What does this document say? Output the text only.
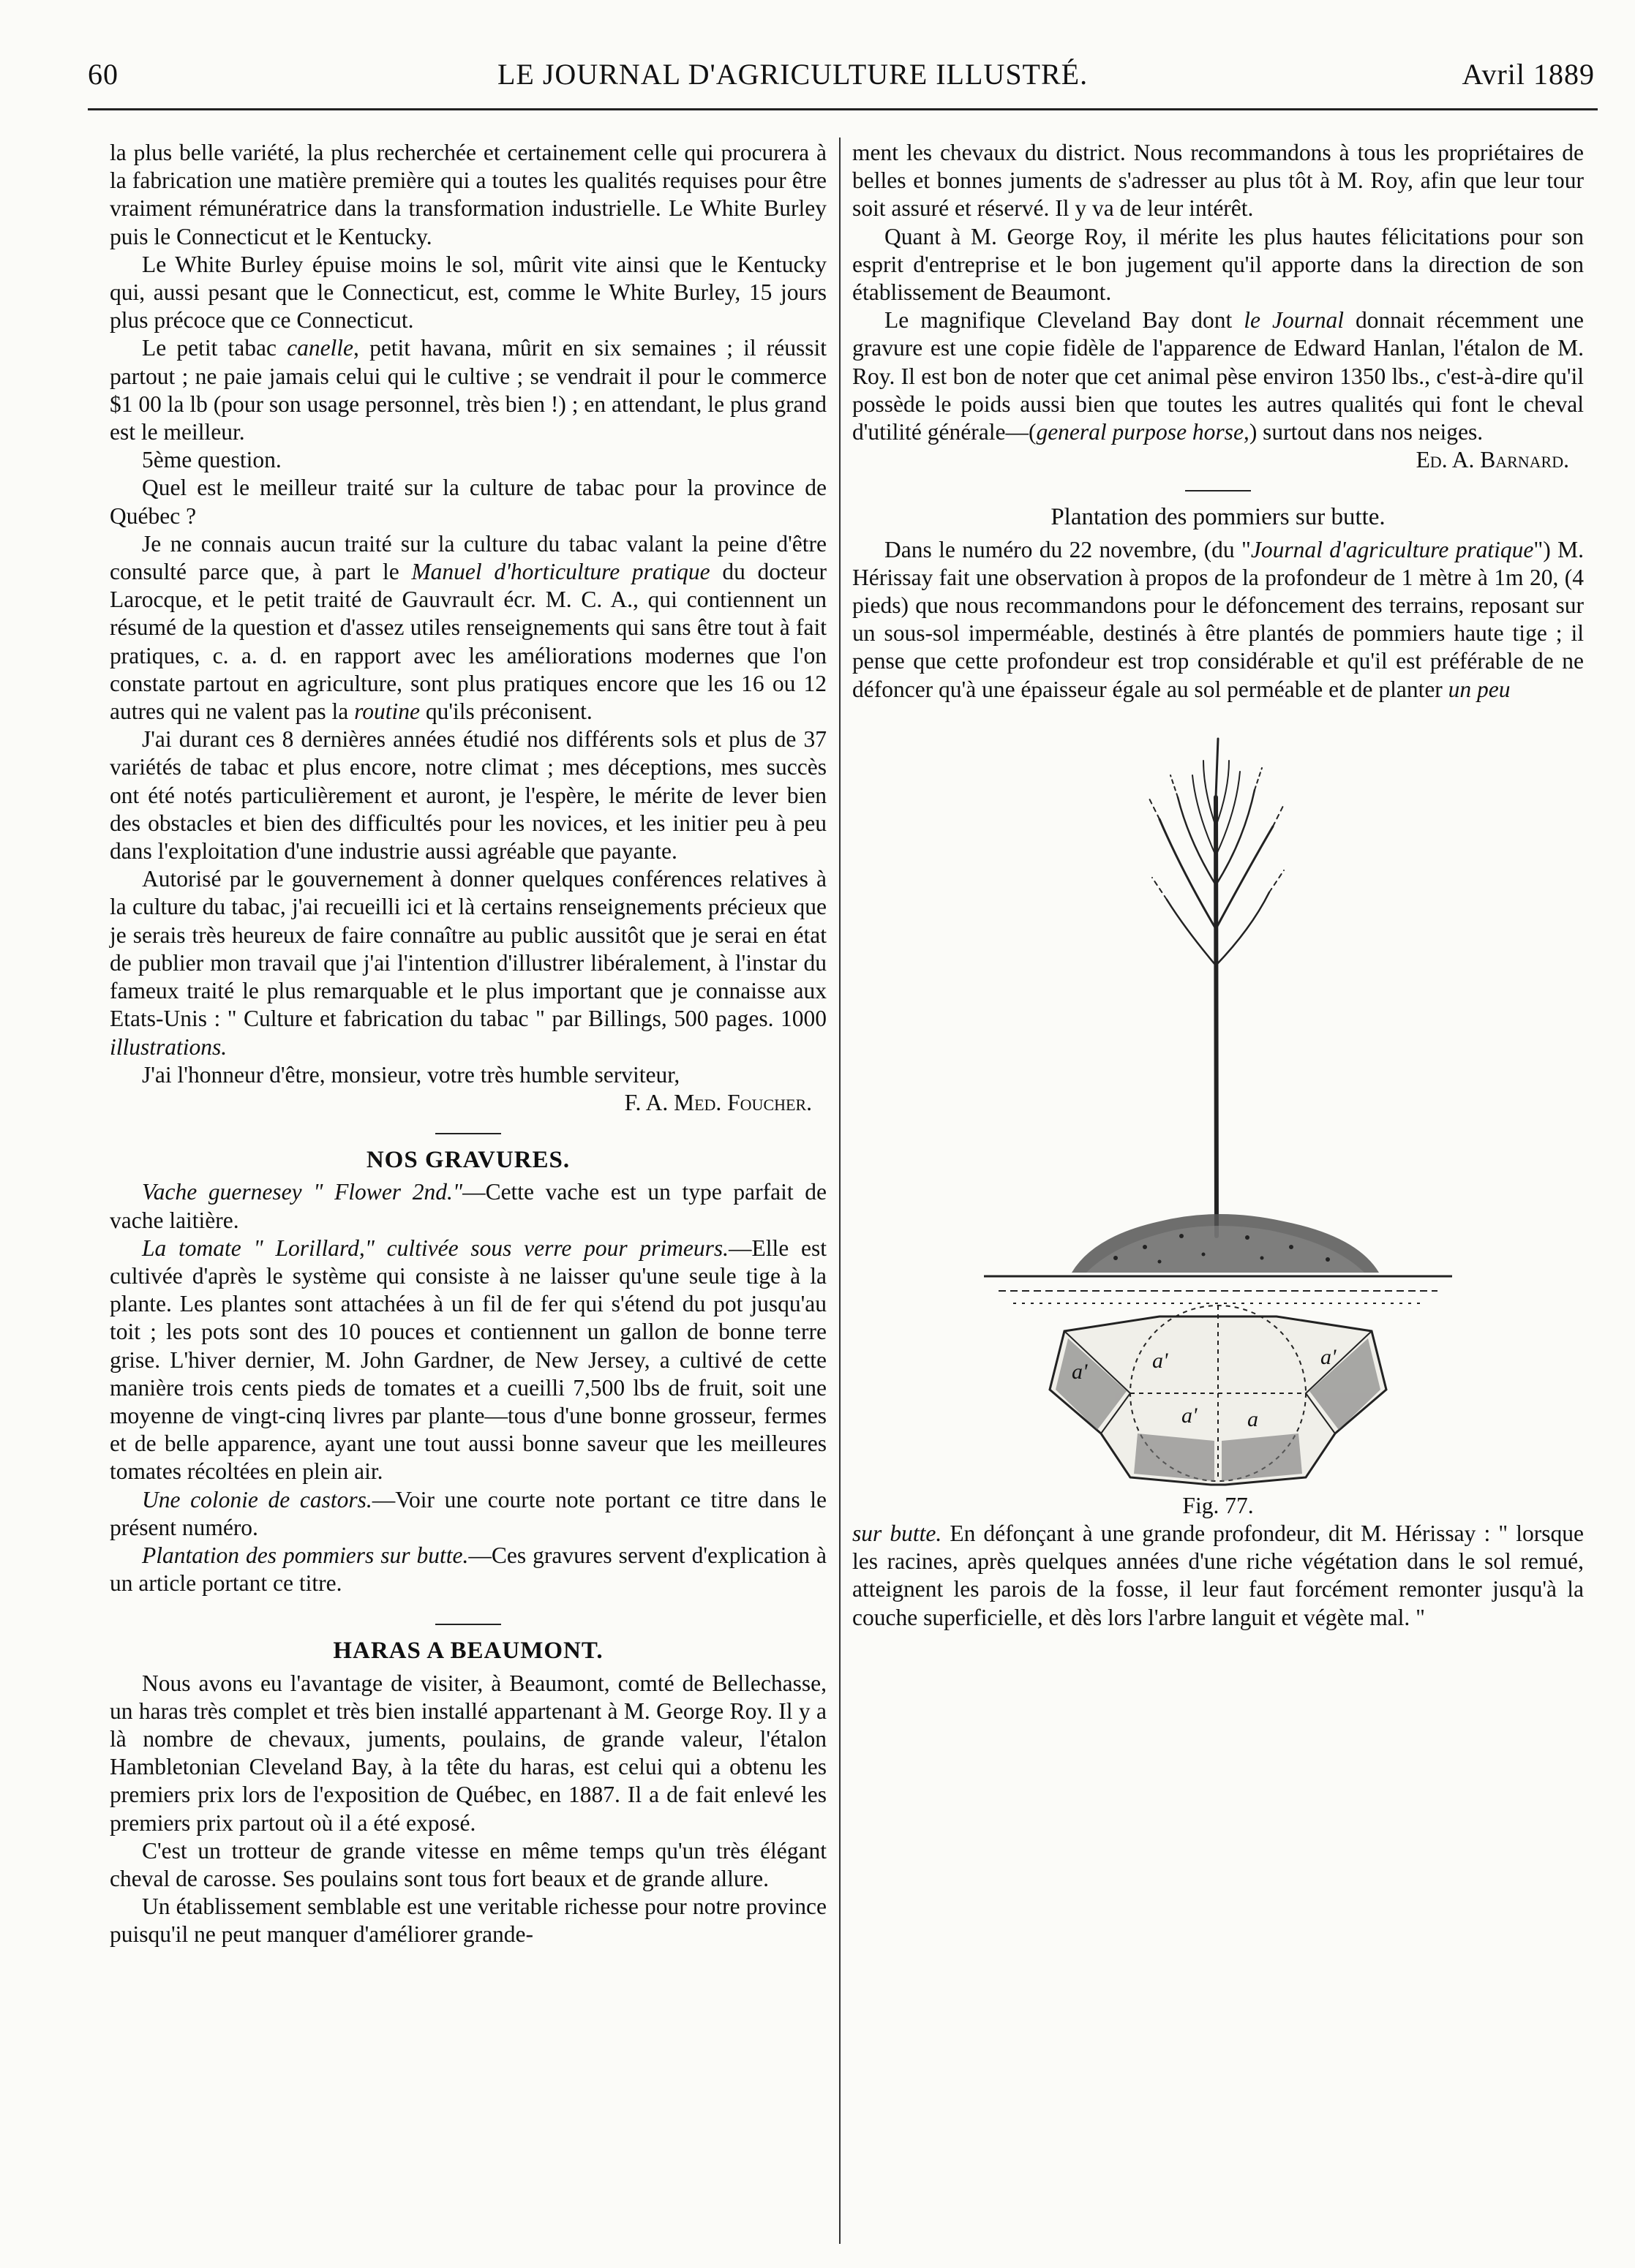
60	LE JOURNAL D'AGRICULTURE ILLUSTRÉ.	Avril 1889

la plus belle variété, la plus recherchée et certainement celle qui procurera à la fabrication une matière première qui a toutes les qualités requises pour être vraiment rémunératrice dans la transformation industrielle. Le White Burley puis le Connecticut et le Kentucky.

Le White Burley épuise moins le sol, mûrit vite ainsi que le Kentucky qui, aussi pesant que le Connecticut, est, comme le White Burley, 15 jours plus précoce que ce Connecticut.

Le petit tabac canelle, petit havana, mûrit en six semaines ; il réussit partout ; ne paie jamais celui qui le cultive ; se vendrait il pour le commerce $1 00 la lb (pour son usage personnel, très bien !) ; en attendant, le plus grand est le meilleur.

5ème question.

Quel est le meilleur traité sur la culture de tabac pour la province de Québec ?

Je ne connais aucun traité sur la culture du tabac valant la peine d'être consulté parce que, à part le Manuel d'horticulture pratique du docteur Larocque, et le petit traité de Gauvrault écr. M. C. A., qui contiennent un résumé de la question et d'assez utiles renseignements qui sans être tout à fait pratiques, c. a. d. en rapport avec les améliorations modernes que l'on constate partout en agriculture, sont plus pratiques encore que les 16 ou 12 autres qui ne valent pas la routine qu'ils préconisent.

J'ai durant ces 8 dernières années étudié nos différents sols et plus de 37 variétés de tabac et plus encore, notre climat ; mes déceptions, mes succès ont été notés particulièrement et auront, je l'espère, le mérite de lever bien des obstacles et bien des difficultés pour les novices, et les initier peu à peu dans l'exploitation d'une industrie aussi agréable que payante.

Autorisé par le gouvernement à donner quelques conférences relatives à la culture du tabac, j'ai recueilli ici et là certains renseignements précieux que je serais très heureux de faire connaître au public aussitôt que je serai en état de publier mon travail que j'ai l'intention d'illustrer libéralement, à l'instar du fameux traité le plus remarquable et le plus important que je connaisse aux Etats-Unis : " Culture et fabrication du tabac " par Billings, 500 pages. 1000 illustrations.

J'ai l'honneur d'être, monsieur, votre très humble serviteur,

F. A. Med. Foucher.

NOS GRAVURES.

Vache guernesey " Flower 2nd."—Cette vache est un type parfait de vache laitière.

La tomate " Lorillard," cultivée sous verre pour primeurs.—Elle est cultivée d'après le système qui consiste à ne laisser qu'une seule tige à la plante. Les plantes sont attachées à un fil de fer qui s'étend du pot jusqu'au toit ; les pots sont des 10 pouces et contiennent un gallon de bonne terre grise. L'hiver dernier, M. John Gardner, de New Jersey, a cultivé de cette manière trois cents pieds de tomates et a cueilli 7,500 lbs de fruit, soit une moyenne de vingt-cinq livres par plante—tous d'une bonne grosseur, fermes et de belle apparence, ayant une tout aussi bonne saveur que les meilleures tomates récoltées en plein air.

Une colonie de castors.—Voir une courte note portant ce titre dans le présent numéro.

Plantation des pommiers sur butte.—Ces gravures servent d'explication à un article portant ce titre.

HARAS A BEAUMONT.

Nous avons eu l'avantage de visiter, à Beaumont, comté de Bellechasse, un haras très complet et très bien installé appartenant à M. George Roy. Il y a là nombre de chevaux, juments, poulains, de grande valeur, l'étalon Hambletonian Cleveland Bay, à la tête du haras, est celui qui a obtenu les premiers prix lors de l'exposition de Québec, en 1887. Il a de fait enlevé les premiers prix partout où il a été exposé.

C'est un trotteur de grande vitesse en même temps qu'un très élégant cheval de carosse. Ses poulains sont tous fort beaux et de grande allure.

Un établissement semblable est une veritable richesse pour notre province puisqu'il ne peut manquer d'améliorer grande-

ment les chevaux du district. Nous recommandons à tous les propriétaires de belles et bonnes juments de s'adresser au plus tôt à M. Roy, afin que leur tour soit assuré et réservé. Il y va de leur intérêt.

Quant à M. George Roy, il mérite les plus hautes félicitations pour son esprit d'entreprise et le bon jugement qu'il apporte dans la direction de son établissement de Beaumont.

Le magnifique Cleveland Bay dont le Journal donnait récemment une gravure est une copie fidèle de l'apparence de Edward Hanlan, l'étalon de M. Roy. Il est bon de noter que cet animal pèse environ 1350 lbs., c'est-à-dire qu'il possède le poids aussi bien que toutes les autres qualités qui font le cheval d'utilité générale—(general purpose horse,) surtout dans nos neiges.

Ed. A. Barnard.

Plantation des pommiers sur butte.

Dans le numéro du 22 novembre, (du "Journal d'agriculture pratique") M. Hérissay fait une observation à propos de la profondeur de 1 mètre à 1m 20, (4 pieds) que nous recommandons pour le défoncement des terrains, reposant sur un sous-sol imperméable, destinés à être plantés de pommiers haute tige ; il pense que cette profondeur est trop considérable et qu'il est préférable de ne défoncer qu'à une épaisseur égale au sol perméable et de planter un peu

a'	a'	a'
a' a

Fig. 77.

sur butte. En défonçant à une grande profondeur, dit M. Hérissay : " lorsque les racines, après quelques années d'une riche végétation dans le sol remué, atteignent les parois de la fosse, il leur faut forcément remonter jusqu'à la couche superficielle, et dès lors l'arbre languit et végète mal. "
